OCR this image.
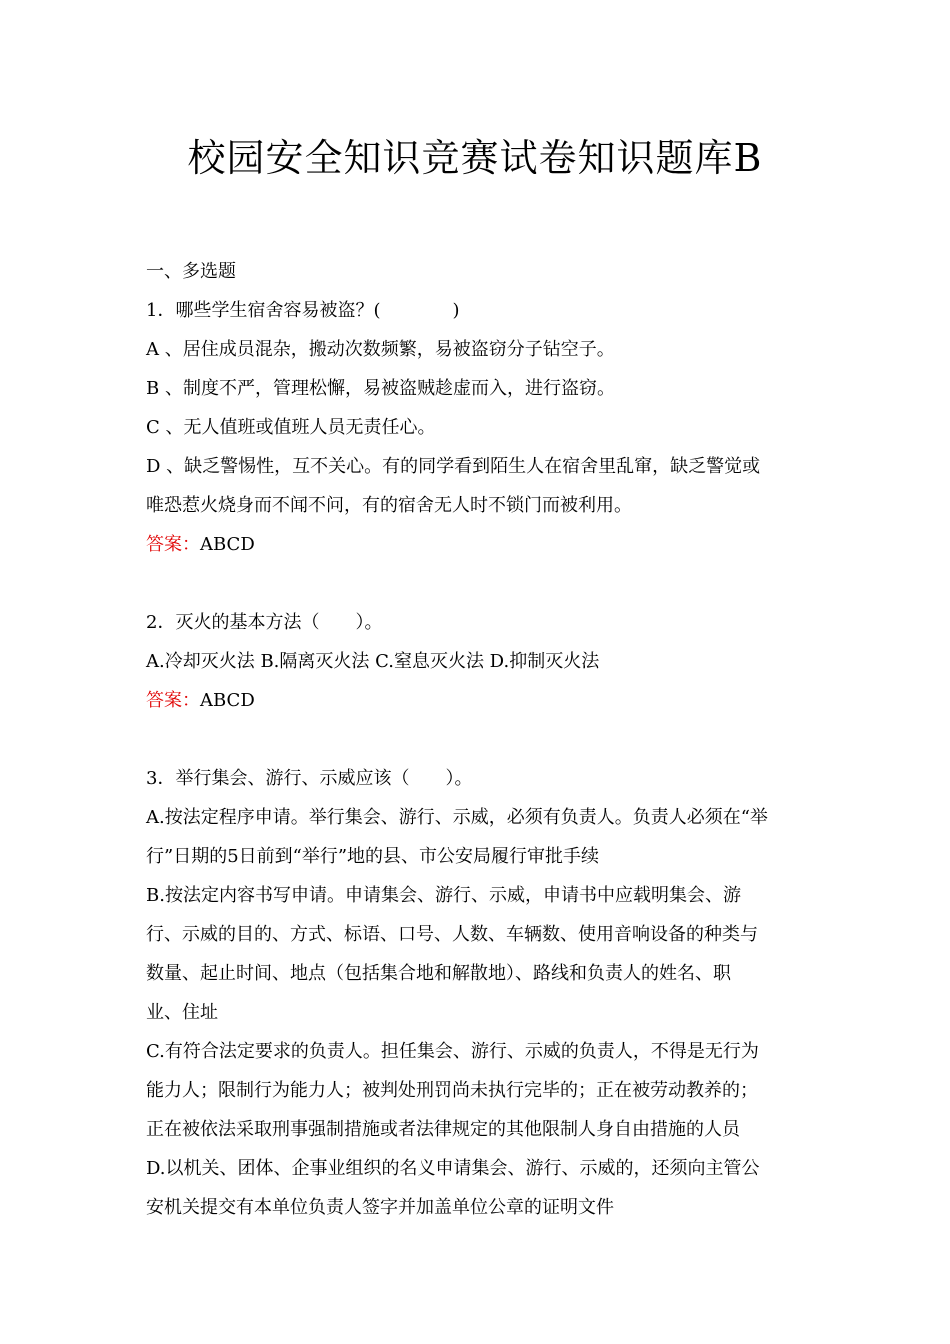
校园安全知识竞赛试卷知识题库B
一、多选题
1．哪些学生宿舍容易被盗？(　　　　)
A 、居住成员混杂，搬动次数频繁，易被盗窃分子钻空子。
B 、制度不严，管理松懈，易被盗贼趁虚而入，进行盗窃。
C 、无人值班或值班人员无责任心。
D 、缺乏警惕性，互不关心。有的同学看到陌生人在宿舍里乱窜，缺乏警觉或
唯恐惹火烧身而不闻不问，有的宿舍无人时不锁门而被利用。
答案：ABCD
2．灭火的基本方法（　　）。
A.冷却灭火法 B.隔离灭火法 C.窒息灭火法 D.抑制灭火法
答案：ABCD
3．举行集会、游行、示威应该（　　）。
A.按法定程序申请。举行集会、游行、示威，必须有负责人。负责人必须在“举
行”日期的5日前到“举行”地的县、市公安局履行审批手续
B.按法定内容书写申请。申请集会、游行、示威，申请书中应载明集会、游
行、示威的目的、方式、标语、口号、人数、车辆数、使用音响设备的种类与
数量、起止时间、地点（包括集合地和解散地）、路线和负责人的姓名、职
业、住址
C.有符合法定要求的负责人。担任集会、游行、示威的负责人，不得是无行为
能力人；限制行为能力人；被判处刑罚尚未执行完毕的；正在被劳动教养的；
正在被依法采取刑事强制措施或者法律规定的其他限制人身自由措施的人员
D.以机关、团体、企事业组织的名义申请集会、游行、示威的，还须向主管公
安机关提交有本单位负责人签字并加盖单位公章的证明文件
